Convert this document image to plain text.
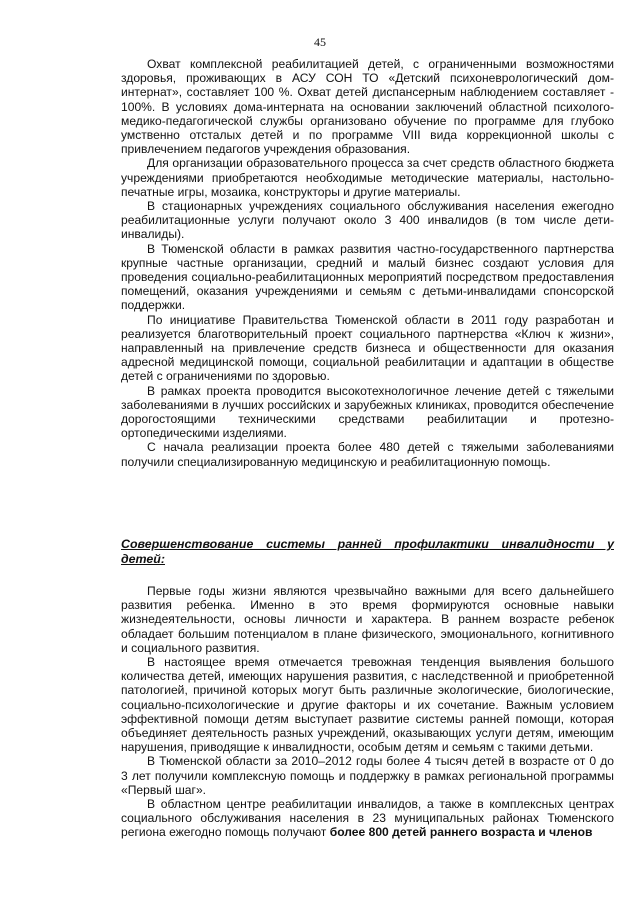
45

Охват комплексной реабилитацией детей, с ограниченными возможностями здоровья, проживающих в АСУ СОН ТО «Детский психоневрологический дом-интернат», составляет 100 %. Охват детей диспансерным наблюдением составляет - 100%. В условиях дома-интерната на основании заключений областной психолого-медико-педагогической службы организовано обучение по программе для глубоко умственно отсталых детей и по программе VIII вида коррекционной школы с привлечением педагогов учреждения образования.

Для организации образовательного процесса за счет средств областного бюджета учреждениями приобретаются необходимые методические материалы, настольно-печатные игры, мозаика, конструкторы и другие материалы.

В стационарных учреждениях социального обслуживания населения ежегодно реабилитационные услуги получают около 3 400 инвалидов (в том числе дети-инвалиды).

В Тюменской области в рамках развития частно-государственного партнерства крупные частные организации, средний и малый бизнес создают условия для проведения социально-реабилитационных мероприятий посредством предоставления помещений, оказания учреждениями и семьям с детьми-инвалидами спонсорской поддержки.

По инициативе Правительства Тюменской области в 2011 году разработан и реализуется благотворительный проект социального партнерства «Ключ к жизни», направленный на привлечение средств бизнеса и общественности для оказания адресной медицинской помощи, социальной реабилитации и адаптации в обществе детей с ограничениями по здоровью.

В рамках проекта проводится высокотехнологичное лечение детей с тяжелыми заболеваниями в лучших российских и зарубежных клиниках, проводится обеспечение дорогостоящими техническими средствами реабилитации и протезно-ортопедическими изделиями.

С начала реализации проекта более 480 детей с тяжелыми заболеваниями получили специализированную медицинскую и реабилитационную помощь.

Совершенствование системы ранней профилактики инвалидности у детей:

Первые годы жизни являются чрезвычайно важными для всего дальнейшего развития ребенка. Именно в это время формируются основные навыки жизнедеятельности, основы личности и характера. В раннем возрасте ребенок обладает большим потенциалом в плане физического, эмоционального, когнитивного и социального развития.

В настоящее время отмечается тревожная тенденция выявления большого количества детей, имеющих нарушения развития, с наследственной и приобретенной патологией, причиной которых могут быть различные экологические, биологические, социально-психологические и другие факторы и их сочетание. Важным условием эффективной помощи детям выступает развитие системы ранней помощи, которая объединяет деятельность разных учреждений, оказывающих услуги детям, имеющим нарушения, приводящие к инвалидности, особым детям и семьям с такими детьми.

В Тюменской области за 2010–2012 годы более 4 тысяч детей в возрасте от 0 до 3 лет получили комплексную помощь и поддержку в рамках региональной программы «Первый шаг».

В областном центре реабилитации инвалидов, а также в комплексных центрах социального обслуживания населения в 23 муниципальных районах Тюменского региона ежегодно помощь получают более 800 детей раннего возраста и членов
